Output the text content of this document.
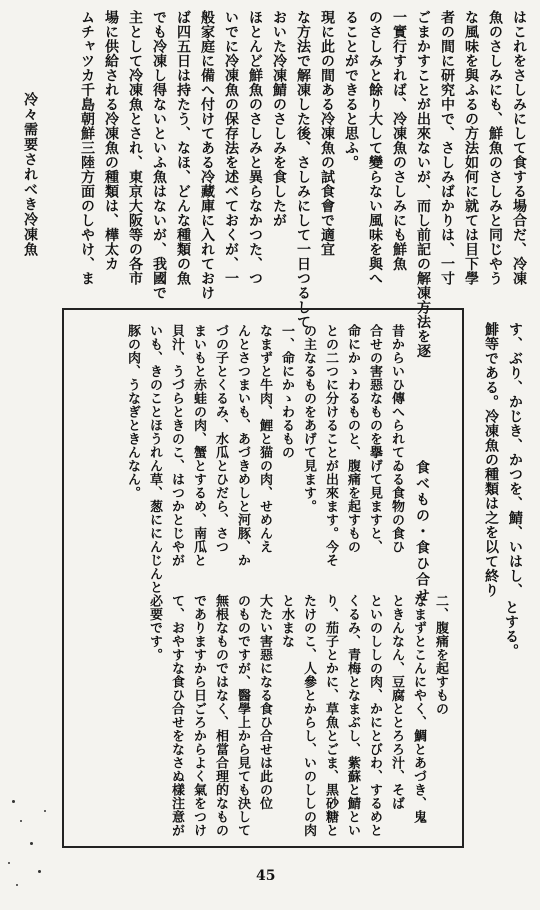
はこれをさしみにして食する場合だ、冷凍
魚のさしみにも、鮮魚のさしみと同じやう
な風味を與ふるの方法如何に就ては目下學
者の間に研究中で、さしみばかりは、一寸
ごまかすことが出來ないが、而し前記の解凍方法を逐
一實行すれば、冷凍魚のさしみにも鮮魚
のさしみと餘り大して變らない風味を與へ
ることができると思ふ。
現に此の間ある冷凍魚の試食會で適宜
な方法で解凍した後、さしみにして一日つるして
おいた冷凍鯖のさしみを食したが
ほとんど鮮魚のさしみと異らなかつた、つ
いでに冷凍魚の保存法を述べておくが、一
般家庭に備へ付けてある冷藏庫に入れておけ
ば四五日は持たう、なほ、どんな種類の魚
でも冷凍し得ないといふ魚はないが、我國で
主として冷凍魚とされ、東京大阪等の各市
場に供給される冷凍魚の種類は、樺太カ
ムチャツカ千島朝鮮三陸方面のしやけ、ま
冷々需要されべき冷凍魚
す、ぶり、かじき、かつを、鯖、いはし、
鯡等である。冷凍魚の種類は之を以て終り
とする。
食べもの・食ひ合せ
昔からいひ傳へられてゐる食物の食ひ
合せの害惡なものを擧げて見ますと、
命にかゝわるものと、腹痛を起すもの
との二つに分けることが出來ます。今そ
の主なるものをあげて見ます。
一、命にかゝわるもの
なまずと牛肉、鯉と猫の肉、せめんえ
んとさつまいも、あづきめしと河豚、か
づの子とくるみ、水瓜とひだら、さつ
まいもと赤蛙の肉、蟹とするめ、南瓜と
貝汁、うづらときのこ、はつかとじやが
いも、きのことほうれん草、葱ににんじんと
豚の肉、うなぎときんなん。
二、腹痛を起すもの
なまずとこんにやく、鯛とあづき、鬼
ときんなん、豆腐ととろろ汁、そば
といのししの肉、かにとびわ、するめと
くるみ、青梅となまぶし、紫蘇と鯖とい
り、茄子とかに、草魚とごま、黒砂糖と
たけのこ、人參とからし、いのししの肉
と水まな
大たい害惡になる食ひ合せは此の位
のものですが、醫學上から見ても決して
無根なものではなく、相當合理的なもの
でありますから日ごろからよく氣をつけ
て、おやすな食ひ合せをなさぬ樣注意が
必要です。
45
